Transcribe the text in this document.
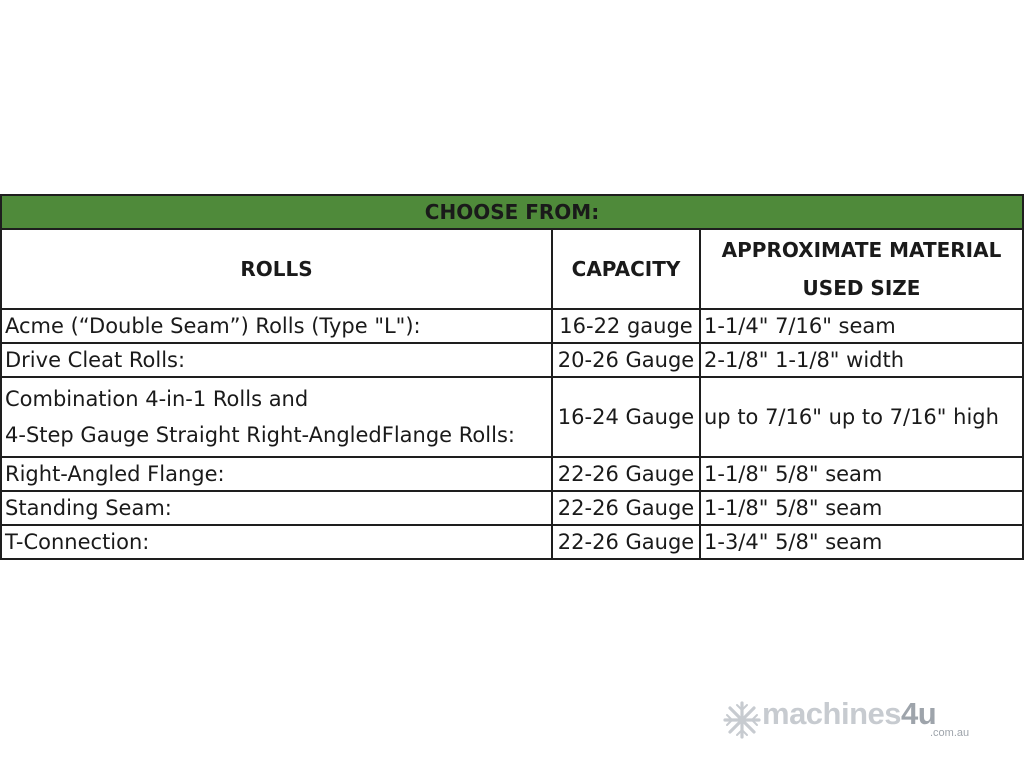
CHOOSE FROM:		
ROLLS	CAPACITY	APPROXIMATE MATERIAL
USED SIZE

Acme (“Double Seam”) Rolls (Type "L"):	16-22 gauge	1-1/4" 7/16" seam
Drive Cleat Rolls:	20-26 Gauge	2-1/8" 1-1/8" width

Combination 4-in-1 Rolls and
4-Step Gauge Straight Right-AngledFlange Rolls:	16-24 Gauge	up to 7/16" up to 7/16" high
Right-Angled Flange:	22-26 Gauge	1-1/8" 5/8" seam
Standing Seam:	22-26 Gauge	1-1/8" 5/8" seam
T-Connection:	22-26 Gauge	1-3/4" 5/8" seam
machines4u
.com.au
